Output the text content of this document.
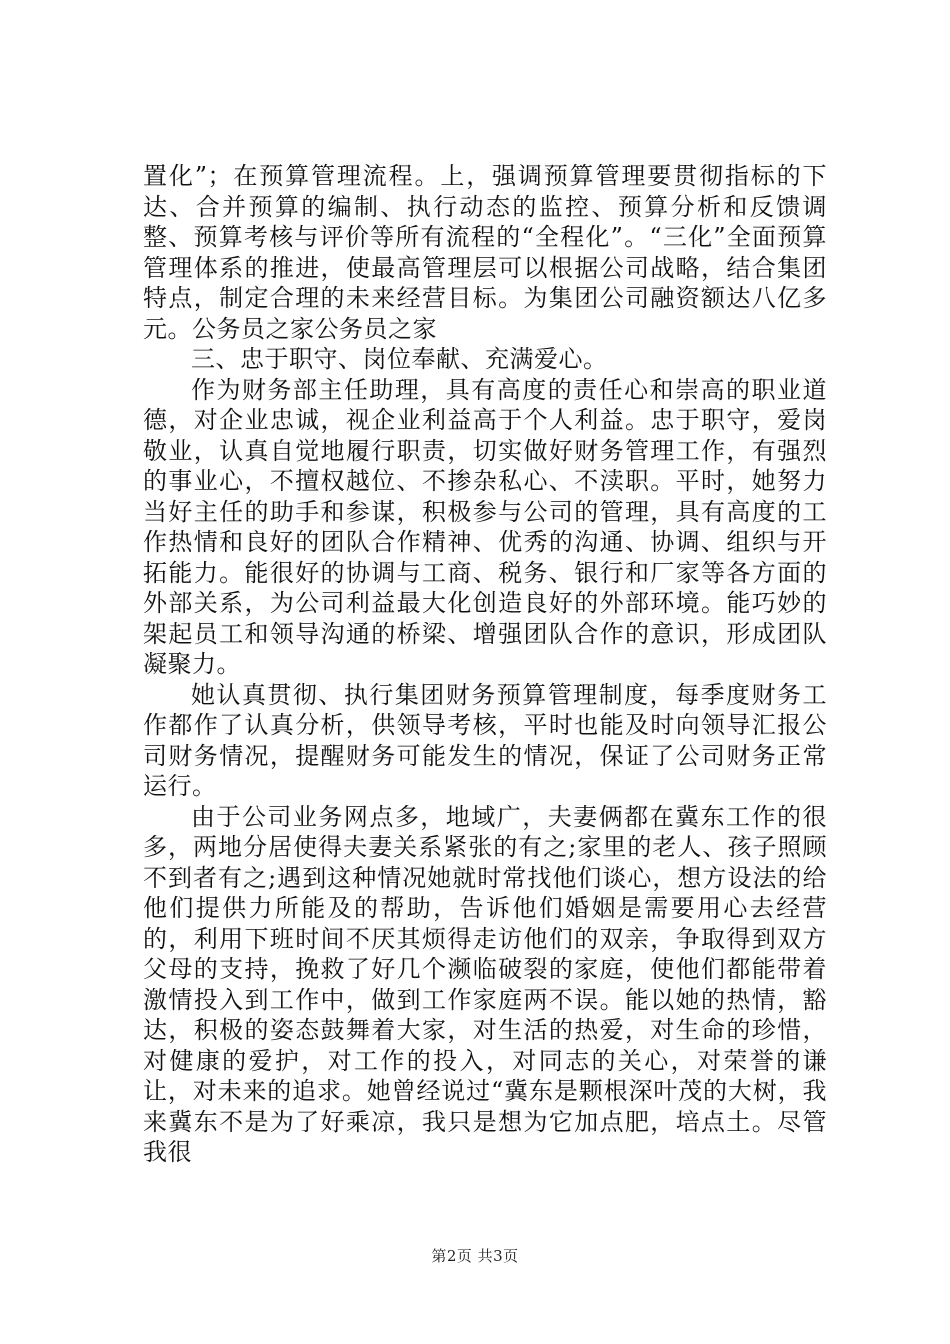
置化”；在预算管理流程。上，强调预算管理要贯彻指标的下达、合并预算的编制、执行动态的监控、预算分析和反馈调整、预算考核与评价等所有流程的“全程化”。“三化”全面预算管理体系的推进，使最高管理层可以根据公司战略，结合集团特点，制定合理的未来经营目标。为集团公司融资额达八亿多元。公务员之家公务员之家

三、忠于职守、岗位奉献、充满爱心。

作为财务部主任助理，具有高度的责任心和崇高的职业道德，对企业忠诚，视企业利益高于个人利益。忠于职守，爱岗敬业，认真自觉地履行职责，切实做好财务管理工作，有强烈的事业心，不擅权越位、不掺杂私心、不渎职。平时，她努力当好主任的助手和参谋，积极参与公司的管理，具有高度的工作热情和良好的团队合作精神、优秀的沟通、协调、组织与开拓能力。能很好的协调与工商、税务、银行和厂家等各方面的外部关系，为公司利益最大化创造良好的外部环境。能巧妙的架起员工和领导沟通的桥梁、增强团队合作的意识，形成团队凝聚力。

她认真贯彻、执行集团财务预算管理制度，每季度财务工作都作了认真分析，供领导考核，平时也能及时向领导汇报公司财务情况，提醒财务可能发生的情况，保证了公司财务正常运行。

由于公司业务网点多，地域广，夫妻俩都在冀东工作的很多，两地分居使得夫妻关系紧张的有之;家里的老人、孩子照顾不到者有之;遇到这种情况她就时常找他们谈心，想方设法的给他们提供力所能及的帮助，告诉他们婚姻是需要用心去经营的，利用下班时间不厌其烦得走访他们的双亲，争取得到双方父母的支持，挽救了好几个濒临破裂的家庭，使他们都能带着激情投入到工作中，做到工作家庭两不误。能以她的热情，豁达，积极的姿态鼓舞着大家，对生活的热爱，对生命的珍惜，对健康的爱护，对工作的投入，对同志的关心，对荣誉的谦让，对未来的追求。她曾经说过“冀东是颗根深叶茂的大树，我来冀东不是为了好乘凉，我只是想为它加点肥，培点土。尽管我很

第2页 共3页
